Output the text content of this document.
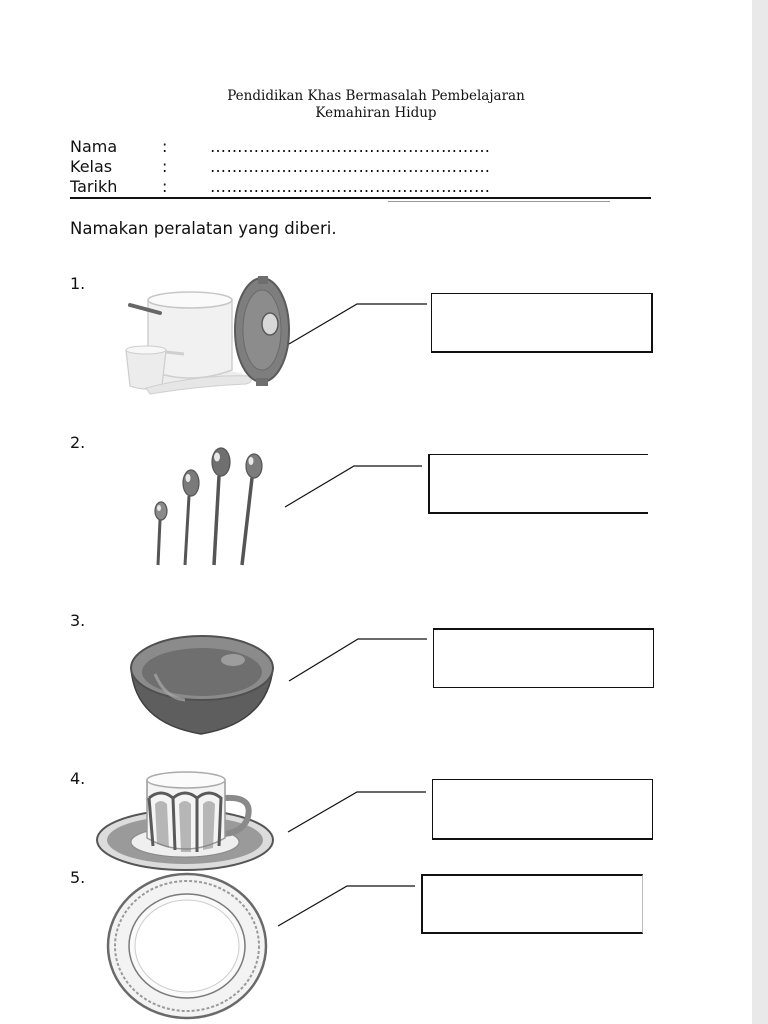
Pendidikan Khas Bermasalah Pembelajaran
Kemahiran Hidup
Nama	:	……………………………………………
Kelas	:	……………………………………………
Tarikh	:	……………………………………………
Namakan peralatan yang diberi.
1.
2.
3.
4.
5.
